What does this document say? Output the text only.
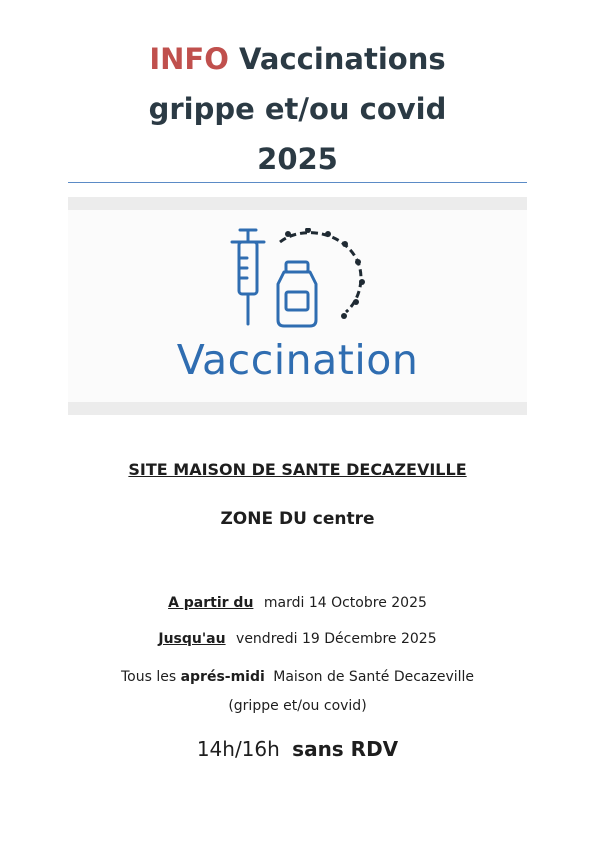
INFO Vaccinations
grippe et/ou covid
2025
Vaccination
SITE MAISON DE SANTE DECAZEVILLE
ZONE DU centre
A partir du mardi 14 Octobre 2025
Jusqu'au vendredi 19 Décembre 2025
Tous les aprés-midi Maison de Santé Decazeville
(grippe et/ou covid)
14h/16h sans RDV
